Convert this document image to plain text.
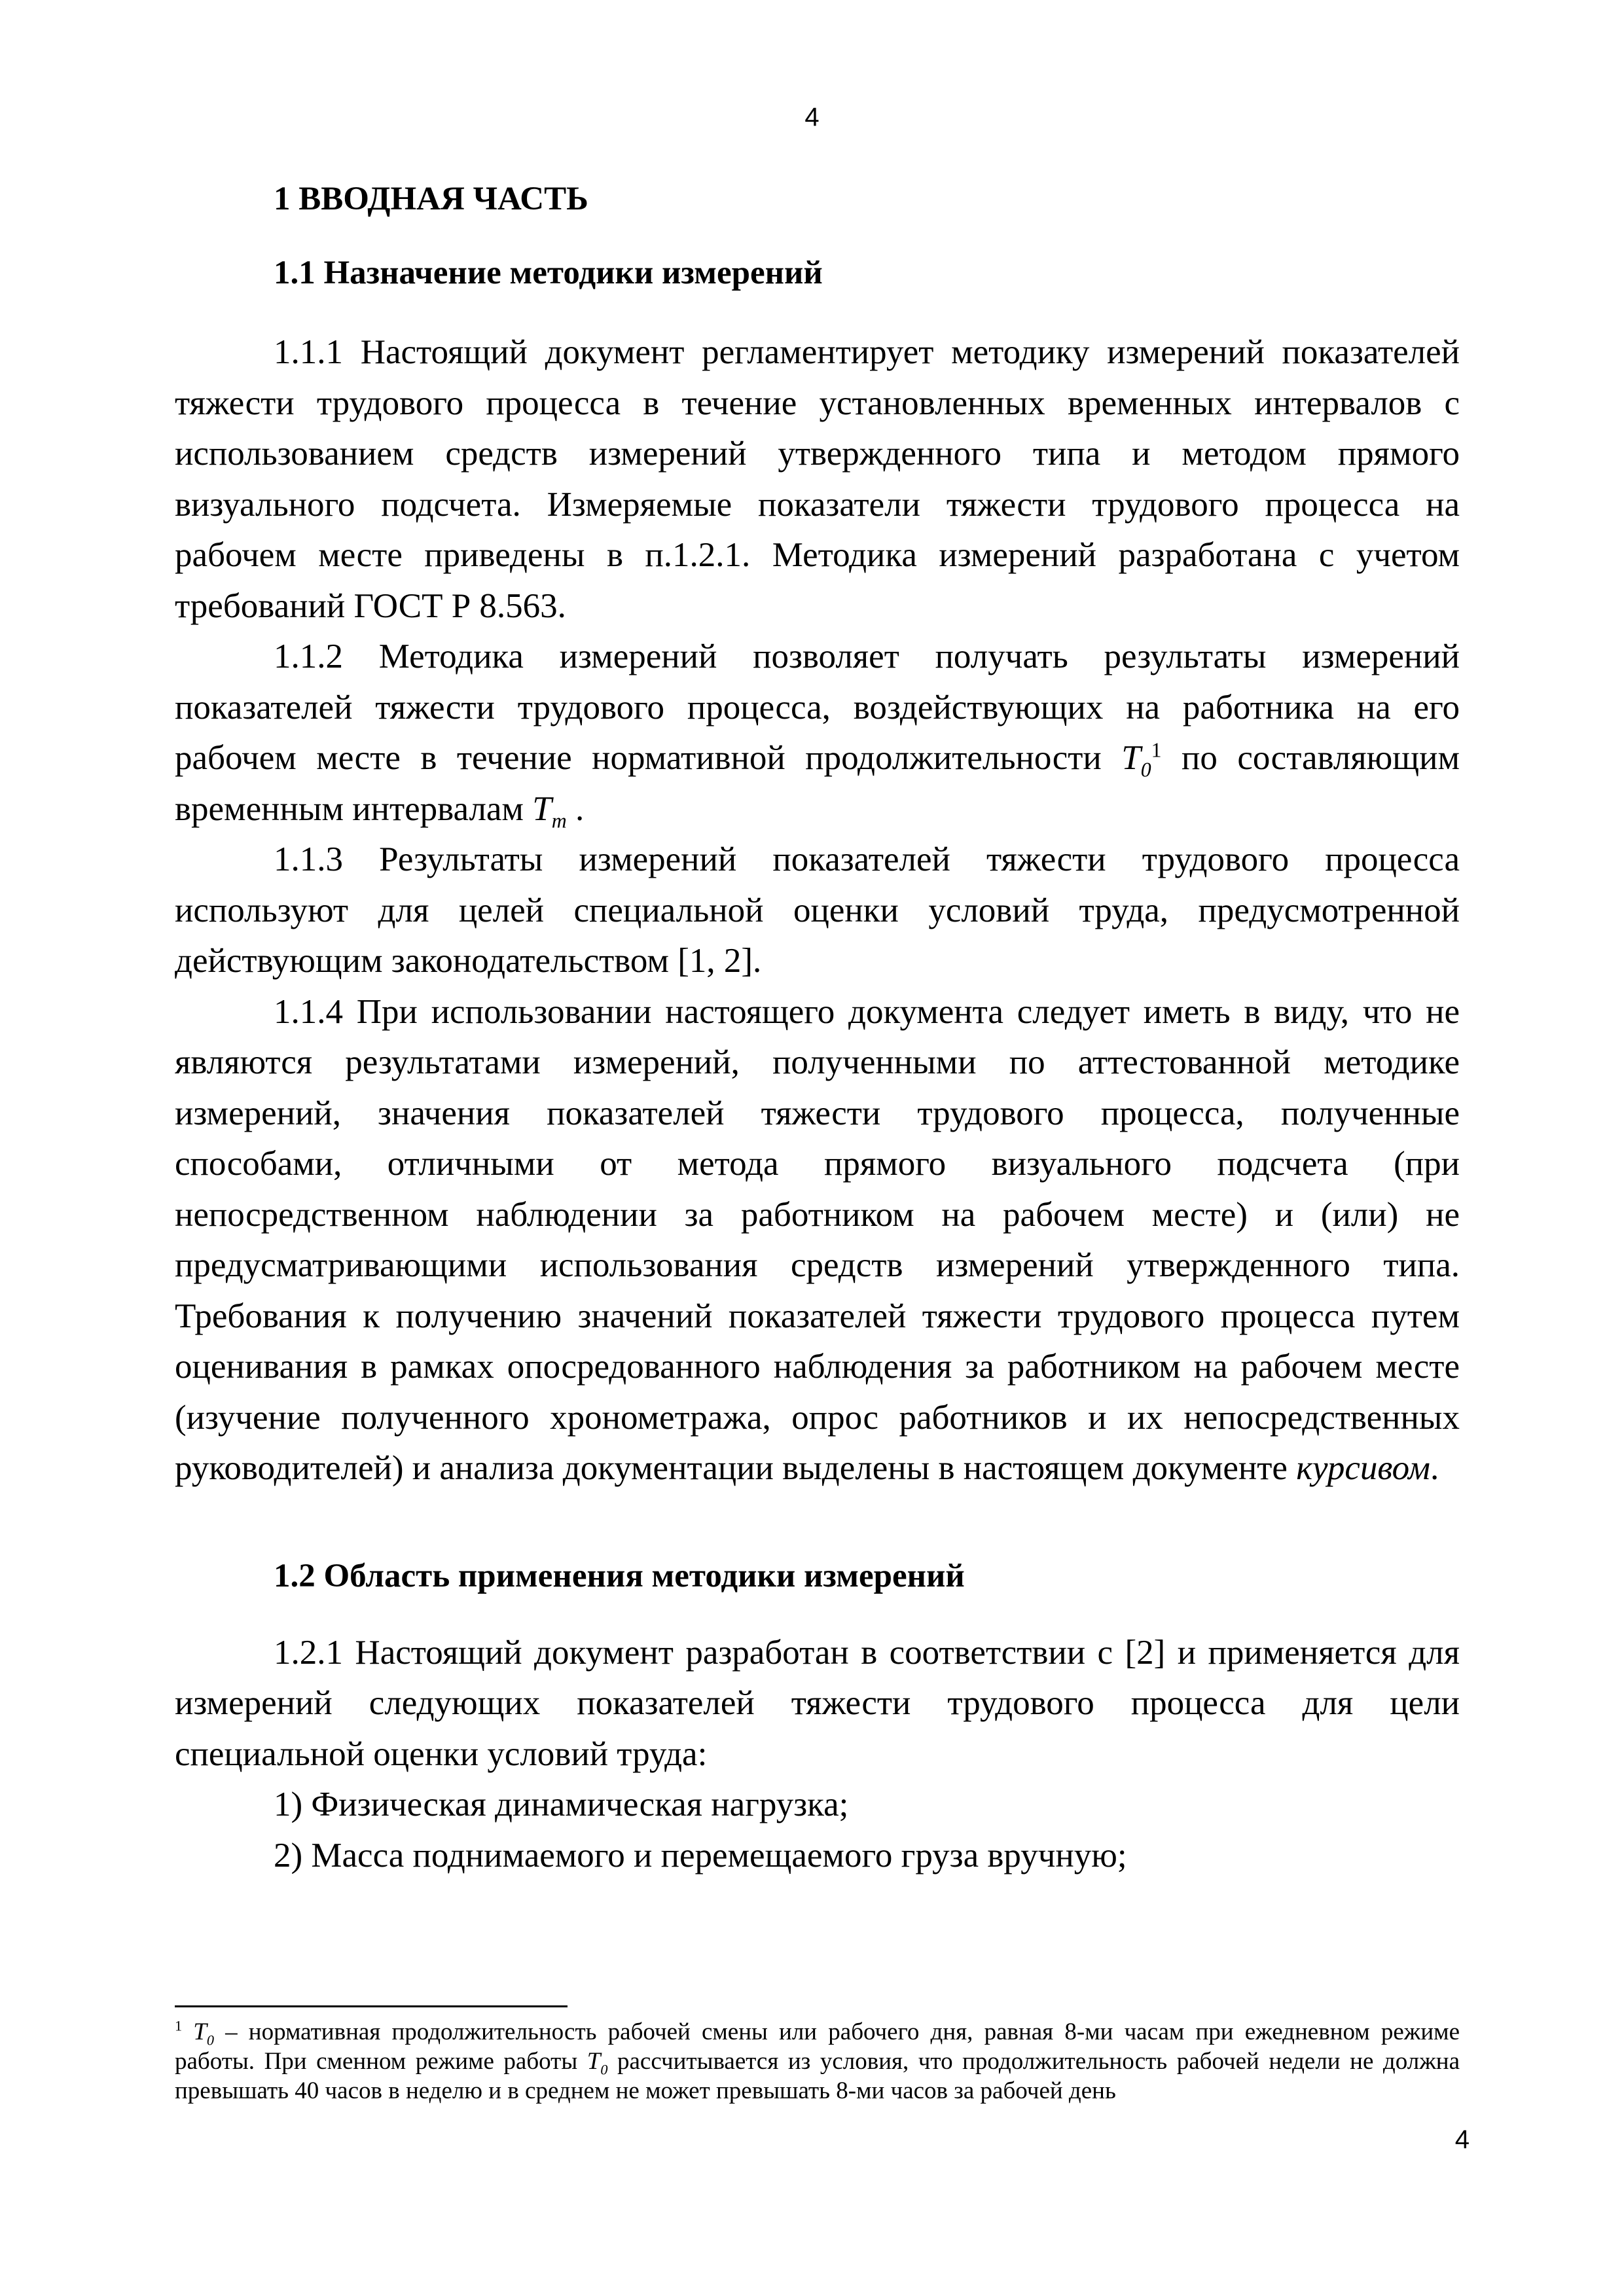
4
1 ВВОДНАЯ ЧАСТЬ
1.1 Назначение методики измерений

1.1.1 Настоящий документ регламентирует методику измерений показателей тяжести трудового процесса в течение установленных временных интервалов с использованием средств измерений утвержденного типа и методом прямого визуального подсчета. Измеряемые показатели тяжести трудового процесса на рабочем месте приведены в п.1.2.1. Методика измерений разработана с учетом требований ГОСТ Р 8.563.

1.1.2 Методика измерений позволяет получать результаты измерений показателей тяжести трудового процесса, воздействующих на работника на его рабочем месте в течение нормативной продолжительности $T_0^1$ по составляющим временным интервалам $T_m$ .

1.1.3 Результаты измерений показателей тяжести трудового процесса используют для целей специальной оценки условий труда, предусмотренной действующим законодательством [1, 2].

1.1.4 При использовании настоящего документа следует иметь в виду, что не являются результатами измерений, полученными по аттестованной методике измерений, значения показателей тяжести трудового процесса, полученные способами, отличными от метода прямого визуального подсчета (при непосредственном наблюдении за работником на рабочем месте) и (или) не предусматривающими использования средств измерений утвержденного типа. Требования к получению значений показателей тяжести трудового процесса путем оценивания в рамках опосредованного наблюдения за работником на рабочем месте (изучение полученного хронометража, опрос работников и их непосредственных руководителей) и анализа документации выделены в настоящем документе курсивом.

1.2 Область применения методики измерений

1.2.1 Настоящий документ разработан в соответствии с [2] и применяется для измерений следующих показателей тяжести трудового процесса для цели специальной оценки условий труда:

1) Физическая динамическая нагрузка;

2) Масса поднимаемого и перемещаемого груза вручную;

$^1$ $T_0$ – нормативная продолжительность рабочей смены или рабочего дня, равная 8-ми часам при ежедневном режиме работы. При сменном режиме работы $T_0$ рассчитывается из условия, что продолжительность рабочей недели не должна превышать 40 часов в неделю и в среднем не может превышать 8-ми часов за рабочей день
4
